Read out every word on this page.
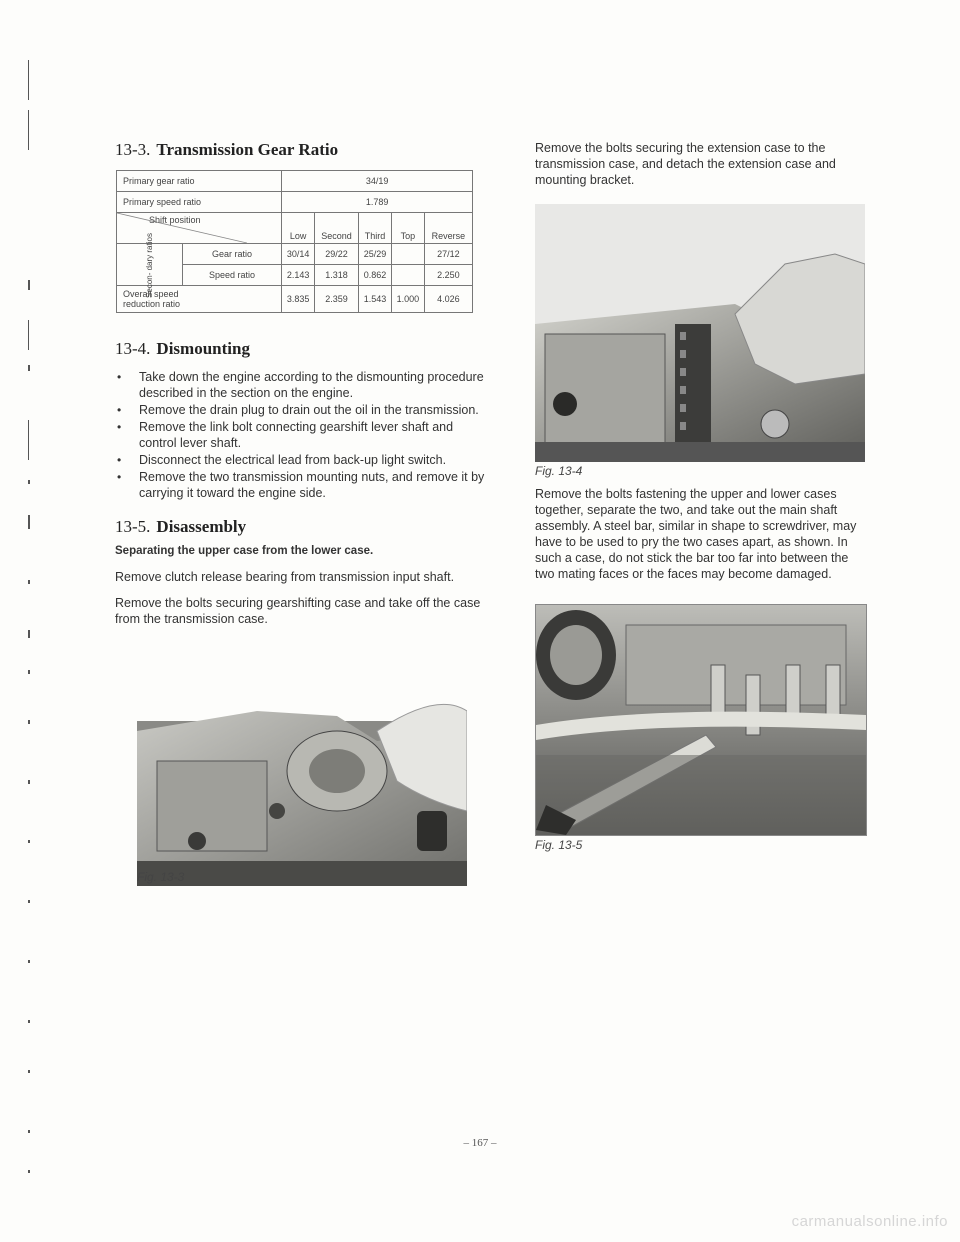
13-3. Transmission Gear Ratio
Primary gear ratio		34/19				
Primary speed ratio		1.789				

Shift position		Low	Second	Third	Top	Reverse
Secon- dary ratios	Gear ratio	30/14	29/22	25/29		27/12
	Speed ratio	2.143	1.318	0.862		2.250
Overall speed
reduction ratio		3.835	2.359	1.543	1.000	4.026
13-4. Dismounting
• Take down the engine according to the dismounting procedure described in the section on the engine.
• Remove the drain plug to drain out the oil in the transmission.
• Remove the link bolt connecting gearshift lever shaft and control lever shaft.
• Disconnect the electrical lead from back-up light switch.
• Remove the two transmission mounting nuts, and remove it by carrying it toward the engine side.
13-5. Disassembly

Separating the upper case from the lower case.

Remove clutch release bearing from transmission input shaft.

Remove the bolts securing gearshifting case and take off the case from the transmission case.

Fig. 13-3

Remove the bolts securing the extension case to the transmission case, and detach the extension case and mounting bracket.

Fig. 13-4

Remove the bolts fastening the upper and lower cases together, separate the two, and take out the main shaft assembly. A steel bar, similar in shape to screwdriver, may have to be used to pry the two cases apart, as shown. In such a case, do not stick the bar too far into between the two mating faces or the faces may become damaged.

Fig. 13-5
– 167 –
carmanualsonline.info
